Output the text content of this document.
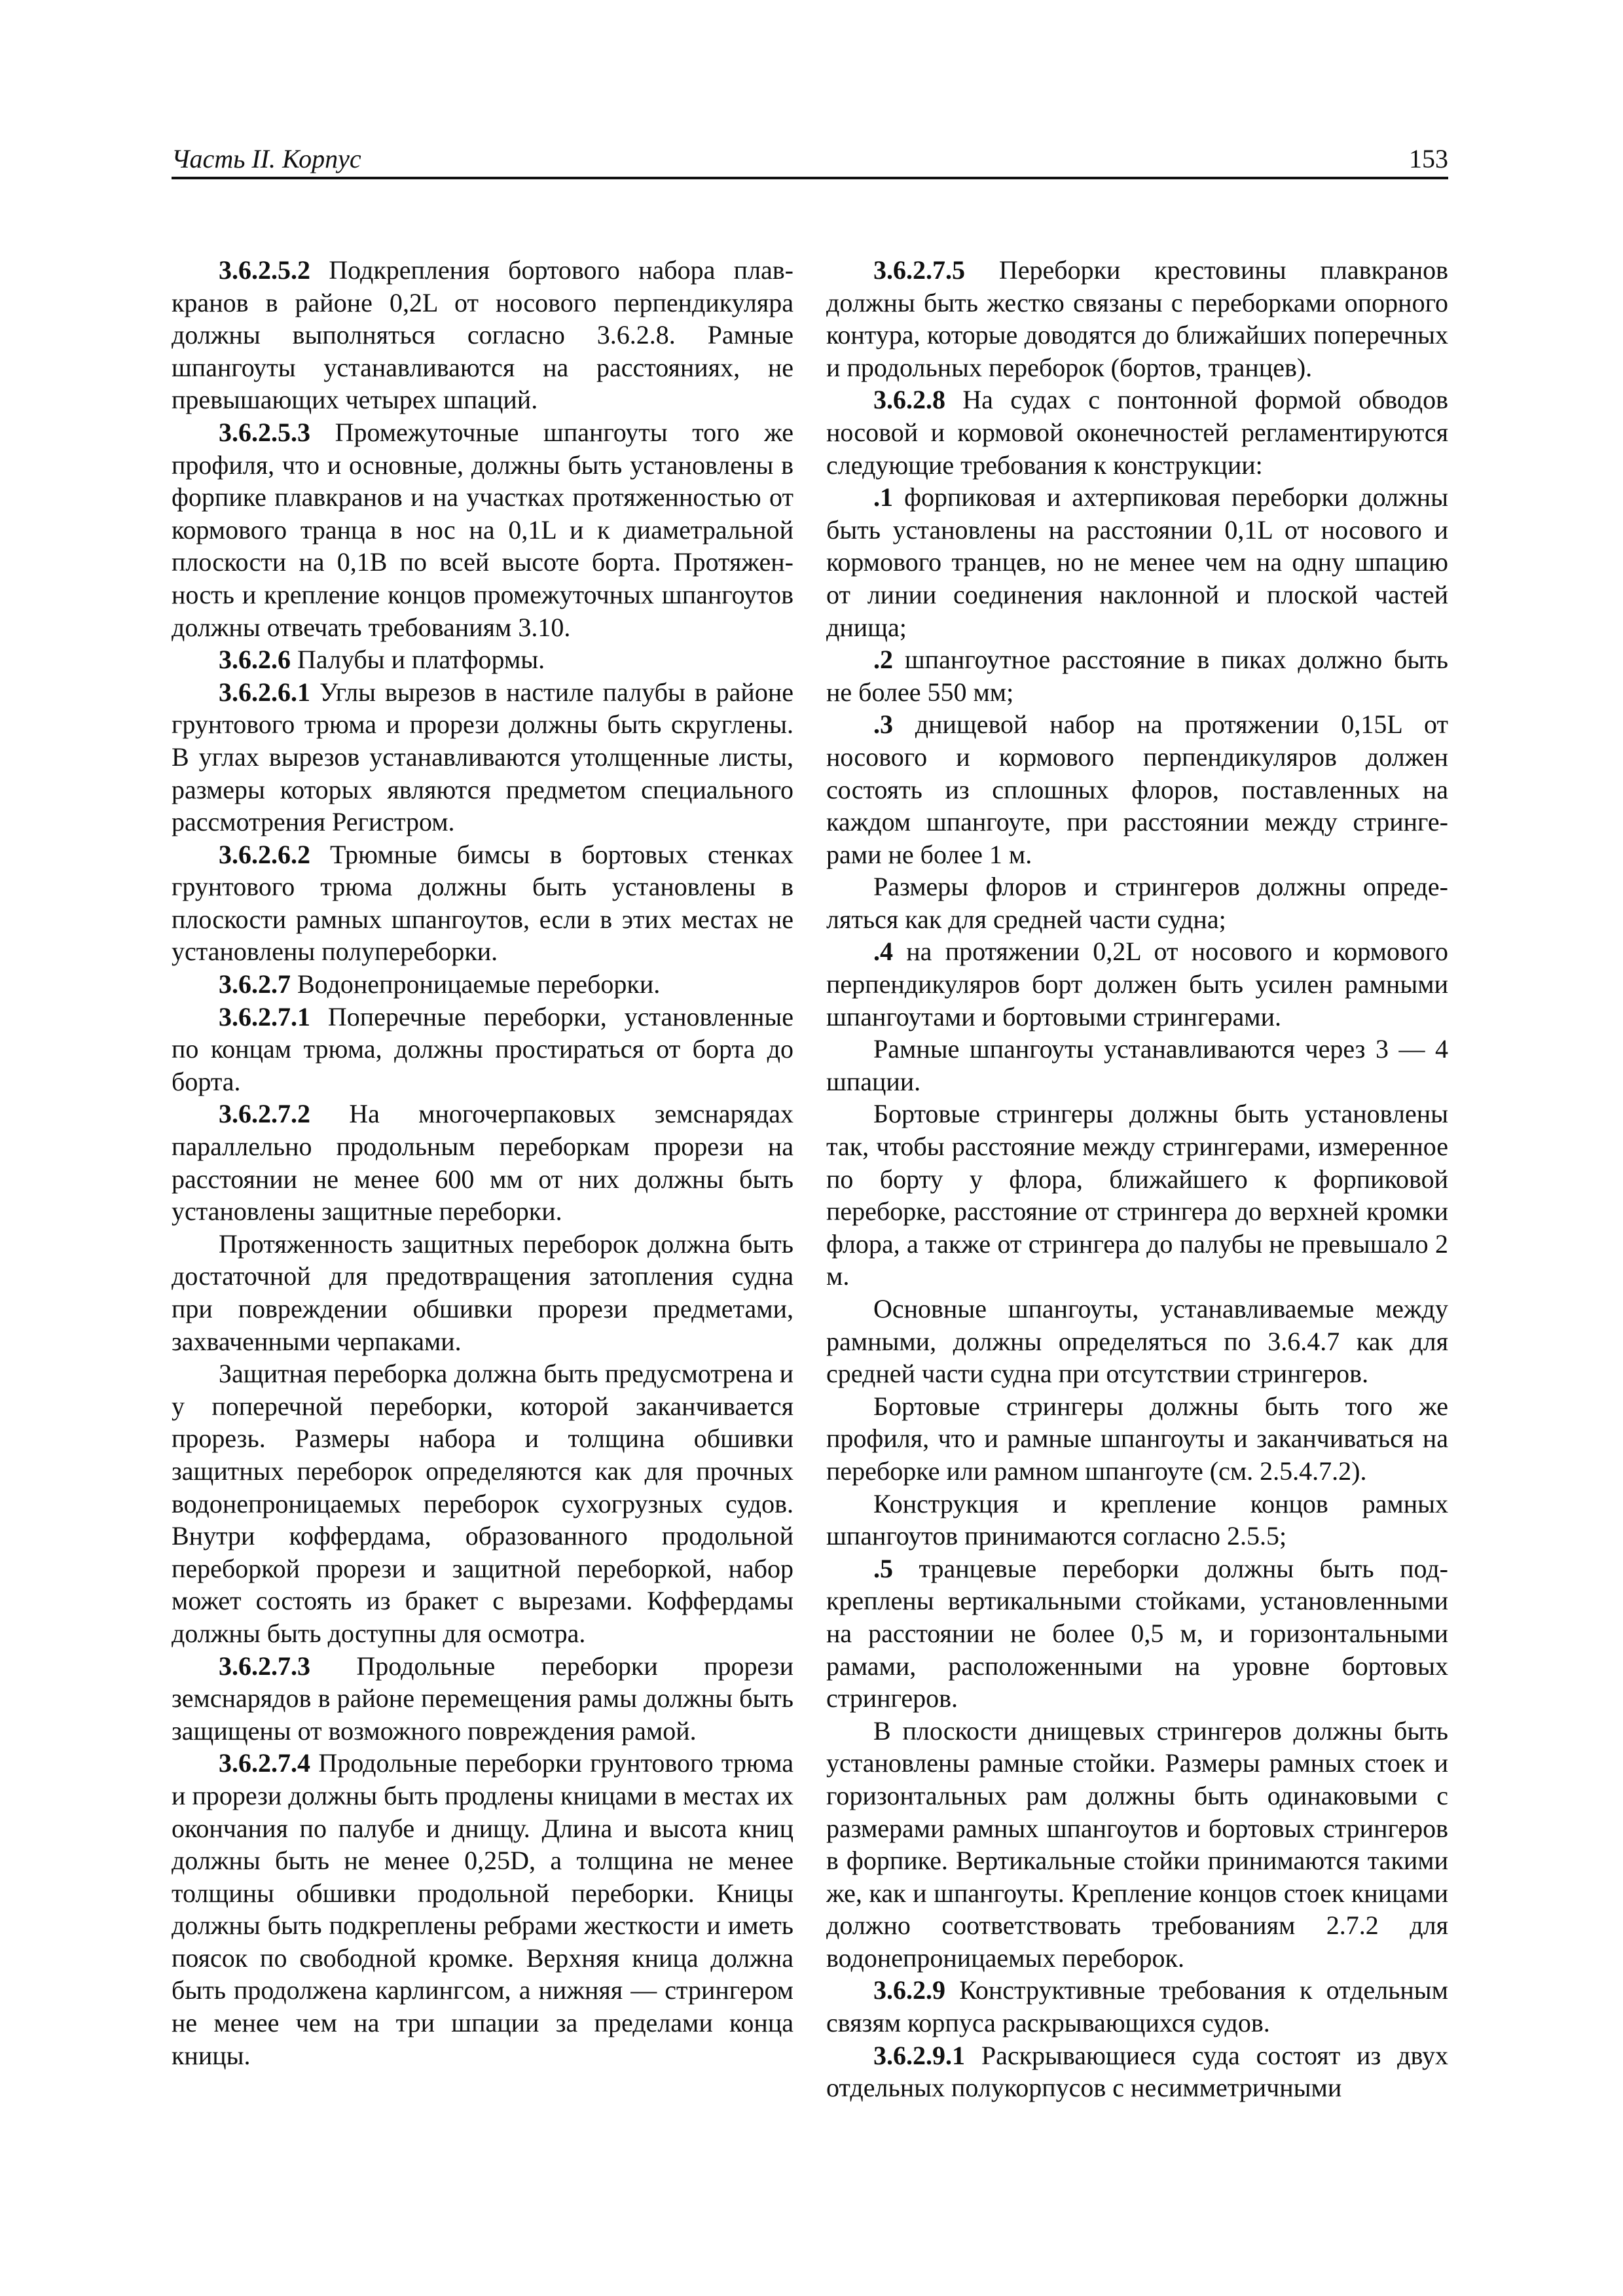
Часть II. Корпус	153

3.6.2.5.2 Подкрепления бортового набора плавкранов в районе 0,2L от носового перпендикуляра должны выполняться согласно 3.6.2.8. Рамные шпангоуты устанавливаются на расстояниях, не превышающих четырех шпаций.

3.6.2.5.3 Промежуточные шпангоуты того же профиля, что и основные, должны быть установлены в форпике плавкранов и на участках протяженностью от кормового транца в нос на 0,1L и к диаметральной плоскости на 0,1B по всей высоте борта. Протяженность и крепление концов промежуточных шпангоутов должны отвечать требованиям 3.10.

3.6.2.6 Палубы и платформы.

3.6.2.6.1 Углы вырезов в настиле палубы в районе грунтового трюма и прорези должны быть скруглены. В углах вырезов устанавливаются утолщенные листы, размеры которых являются предметом специального рассмотрения Регистром.

3.6.2.6.2 Трюмные бимсы в бортовых стенках грунтового трюма должны быть установлены в плоскости рамных шпангоутов, если в этих местах не установлены полупереборки.

3.6.2.7 Водонепроницаемые переборки.

3.6.2.7.1 Поперечные переборки, установленные по концам трюма, должны простираться от борта до борта.

3.6.2.7.2 На многочерпаковых земснарядах параллельно продольным переборкам прорези на расстоянии не менее 600 мм от них должны быть установлены защитные переборки.

Протяженность защитных переборок должна быть достаточной для предотвращения затопления судна при повреждении обшивки прорези предметами, захваченными черпаками.

Защитная переборка должна быть предусмотрена и у поперечной переборки, которой заканчивается прорезь. Размеры набора и толщина обшивки защитных переборок определяются как для прочных водонепроницаемых переборок сухогрузных судов. Внутри коффердама, образованного продольной переборкой прорези и защитной переборкой, набор может состоять из бракет с вырезами. Коффердамы должны быть доступны для осмотра.

3.6.2.7.3 Продольные переборки прорези земснарядов в районе перемещения рамы должны быть защищены от возможного повреждения рамой.

3.6.2.7.4 Продольные переборки грунтового трюма и прорези должны быть продлены кницами в местах их окончания по палубе и днищу. Длина и высота книц должны быть не менее 0,25D, а толщина не менее толщины обшивки продольной переборки. Кницы должны быть подкреплены ребрами жесткости и иметь поясок по свободной кромке. Верхняя кница должна быть продолжена карлингсом, а нижняя — стрингером не менее чем на три шпации за пределами конца кницы.

3.6.2.7.5 Переборки крестовины плавкранов должны быть жестко связаны с переборками опорного контура, которые доводятся до ближайших поперечных и продольных переборок (бортов, транцев).

3.6.2.8 На судах с понтонной формой обводов носовой и кормовой оконечностей регламентируются следующие требования к конструкции:

.1 форпиковая и ахтерпиковая переборки должны быть установлены на расстоянии 0,1L от носового и кормового транцев, но не менее чем на одну шпацию от линии соединения наклонной и плоской частей днища;

.2 шпангоутное расстояние в пиках должно быть не более 550 мм;

.3 днищевой набор на протяжении 0,15L от носового и кормового перпендикуляров должен состоять из сплошных флоров, поставленных на каждом шпангоуте, при расстоянии между стрингерами не более 1 м.

Размеры флоров и стрингеров должны определяться как для средней части судна;

.4 на протяжении 0,2L от носового и кормового перпендикуляров борт должен быть усилен рамными шпангоутами и бортовыми стрингерами.

Рамные шпангоуты устанавливаются через 3 — 4 шпации.

Бортовые стрингеры должны быть установлены так, чтобы расстояние между стрингерами, измеренное по борту у флора, ближайшего к форпиковой переборке, расстояние от стрингера до верхней кромки флора, а также от стрингера до палубы не превышало 2 м.

Основные шпангоуты, устанавливаемые между рамными, должны определяться по 3.6.4.7 как для средней части судна при отсутствии стрингеров.

Бортовые стрингеры должны быть того же профиля, что и рамные шпангоуты и заканчиваться на переборке или рамном шпангоуте (см. 2.5.4.7.2).

Конструкция и крепление концов рамных шпангоутов принимаются согласно 2.5.5;

.5 транцевые переборки должны быть подкреплены вертикальными стойками, установленными на расстоянии не более 0,5 м, и горизонтальными рамами, расположенными на уровне бортовых стрингеров.

В плоскости днищевых стрингеров должны быть установлены рамные стойки. Размеры рамных стоек и горизонтальных рам должны быть одинаковыми с размерами рамных шпангоутов и бортовых стрингеров в форпике. Вертикальные стойки принимаются такими же, как и шпангоуты. Крепление концов стоек кницами должно соответствовать требованиям 2.7.2 для водонепроницаемых переборок.

3.6.2.9 Конструктивные требования к отдельным связям корпуса раскрывающихся судов.

3.6.2.9.1 Раскрывающиеся суда состоят из двух отдельных полукорпусов с несимметричными
